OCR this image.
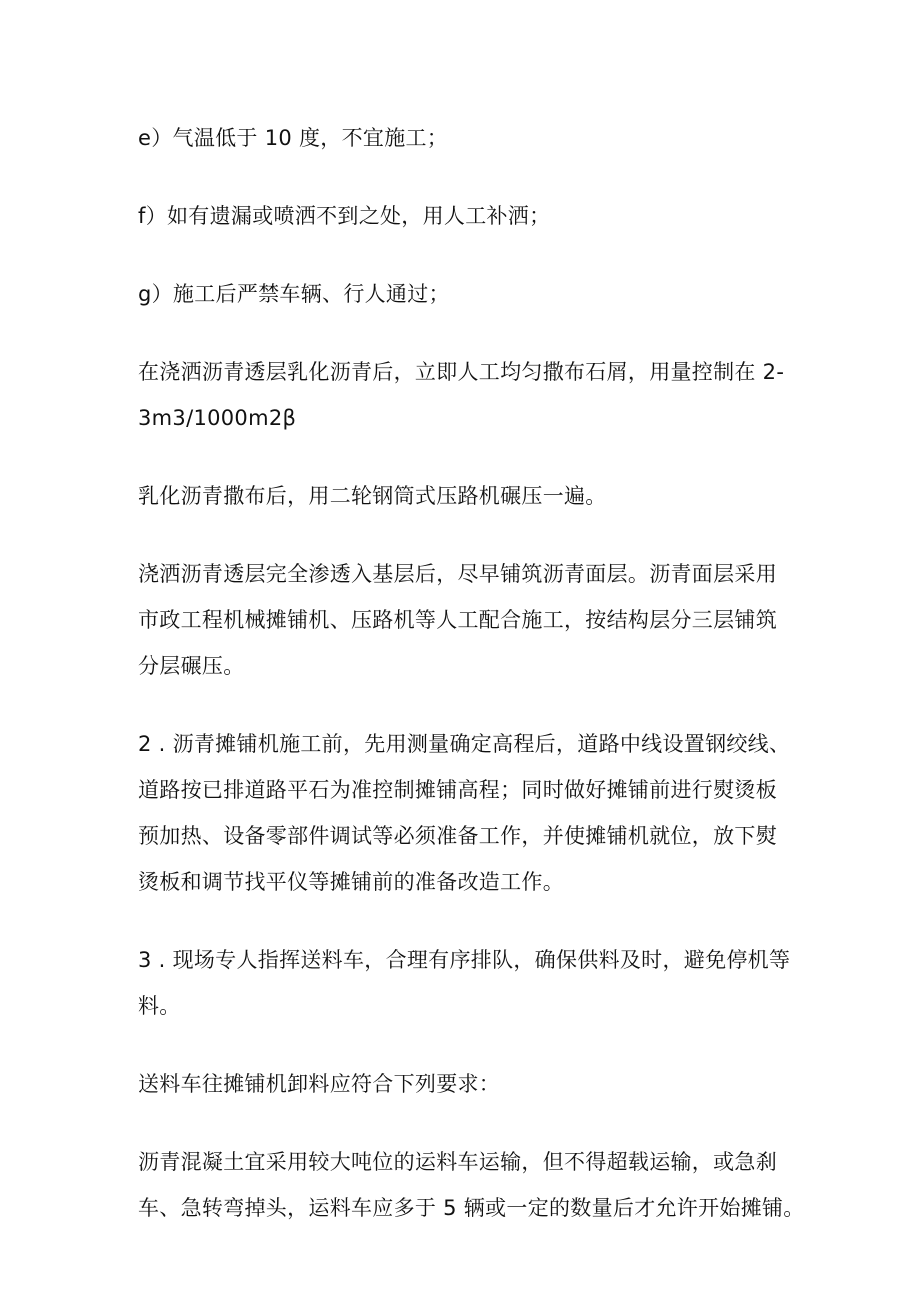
e）气温低于 10 度，不宜施工；

f）如有遗漏或喷洒不到之处，用人工补洒；

g）施工后严禁车辆、行人通过；

在浇洒沥青透层乳化沥青后，立即人工均匀撒布石屑，用量控制在 2-
3m3/1000m2β

乳化沥青撒布后，用二轮钢筒式压路机碾压一遍。

浇洒沥青透层完全渗透入基层后，尽早铺筑沥青面层。沥青面层采用
市政工程机械摊铺机、压路机等人工配合施工，按结构层分三层铺筑
分层碾压。

2 . 沥青摊铺机施工前，先用测量确定高程后，道路中线设置钢绞线、
道路按已排道路平石为准控制摊铺高程；同时做好摊铺前进行熨烫板
预加热、设备零部件调试等必须准备工作，并使摊铺机就位，放下熨
烫板和调节找平仪等摊铺前的准备改造工作。

3 . 现场专人指挥送料车，合理有序排队，确保供料及时，避免停机等
料。

送料车往摊铺机卸料应符合下列要求：

沥青混凝土宜采用较大吨位的运料车运输，但不得超载运输，或急刹
车、急转弯掉头，运料车应多于 5 辆或一定的数量后才允许开始摊铺。
